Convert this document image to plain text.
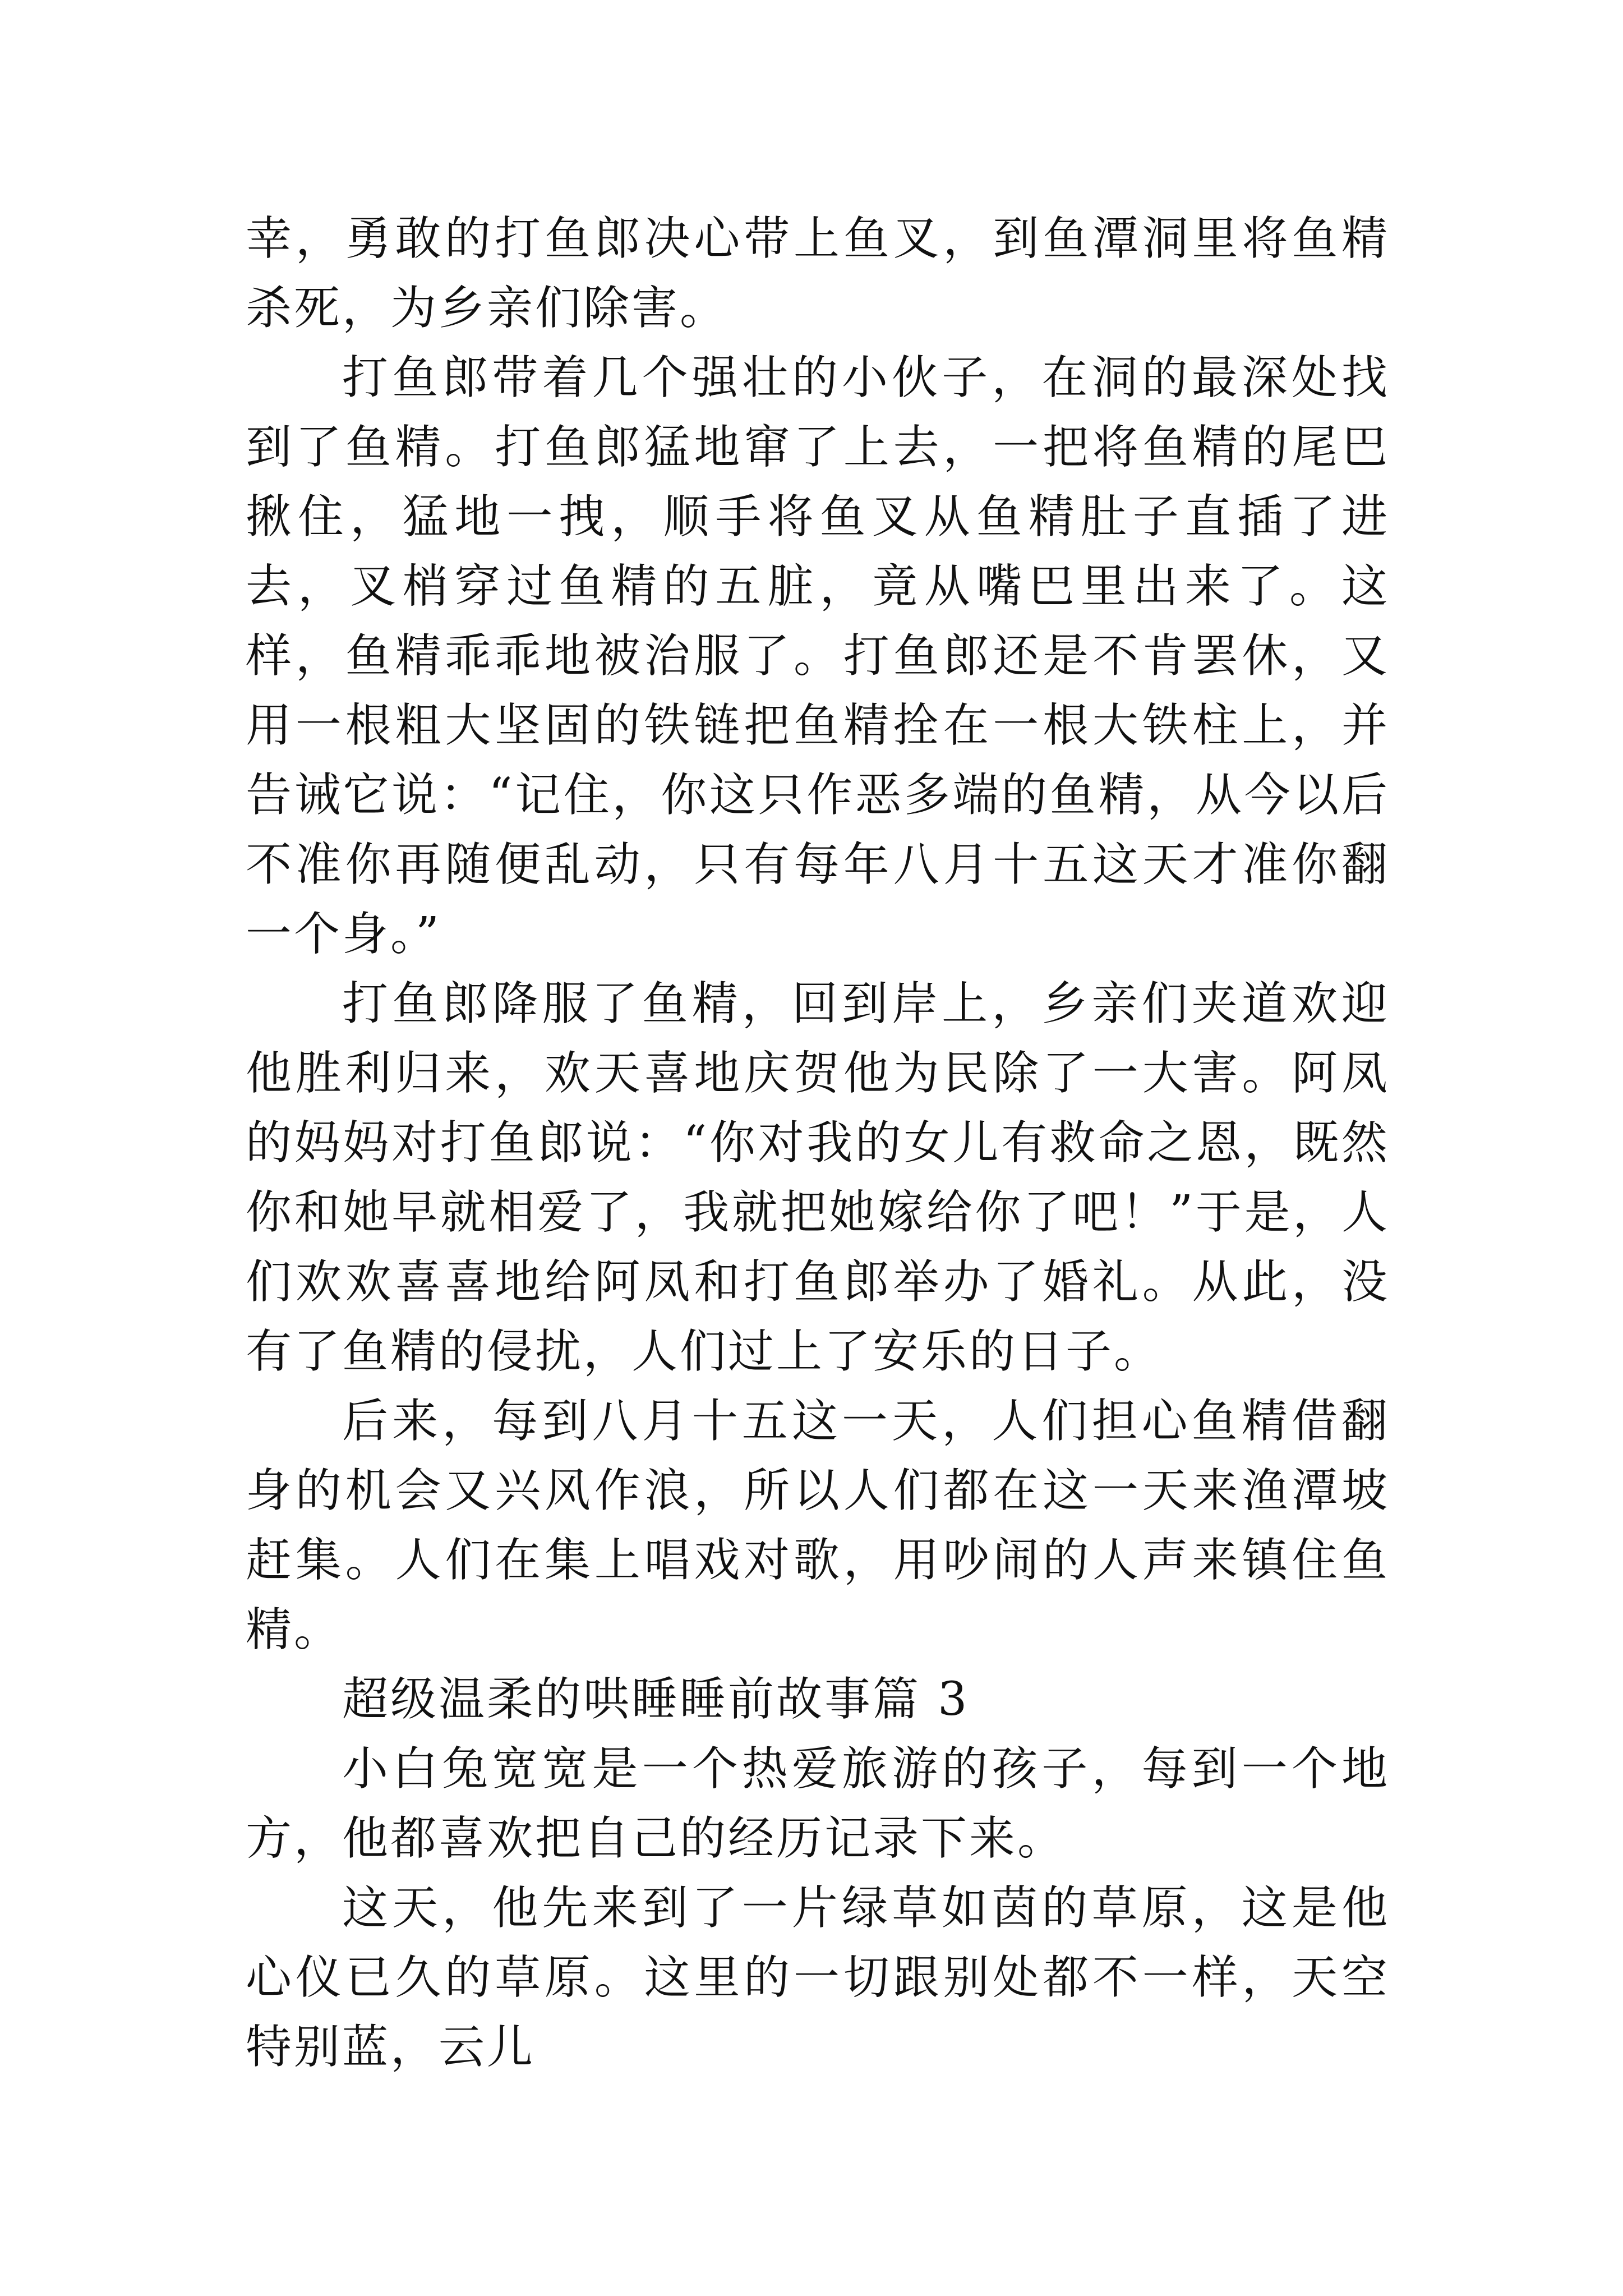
幸，勇敢的打鱼郎决心带上鱼叉，到鱼潭洞里将鱼精杀死，为乡亲们除害。

打鱼郎带着几个强壮的小伙子，在洞的最深处找到了鱼精。打鱼郎猛地窜了上去，一把将鱼精的尾巴揪住，猛地一拽，顺手将鱼叉从鱼精肚子直插了进去，叉梢穿过鱼精的五脏，竟从嘴巴里出来了。这样，鱼精乖乖地被治服了。打鱼郎还是不肯罢休，又用一根粗大坚固的铁链把鱼精拴在一根大铁柱上，并告诫它说：“记住，你这只作恶多端的鱼精，从今以后不准你再随便乱动，只有每年八月十五这天才准你翻一个身。”

打鱼郎降服了鱼精，回到岸上，乡亲们夹道欢迎他胜利归来，欢天喜地庆贺他为民除了一大害。阿凤的妈妈对打鱼郎说：“你对我的女儿有救命之恩，既然你和她早就相爱了，我就把她嫁给你了吧！”于是，人们欢欢喜喜地给阿凤和打鱼郎举办了婚礼。从此，没有了鱼精的侵扰，人们过上了安乐的日子。

后来，每到八月十五这一天，人们担心鱼精借翻身的机会又兴风作浪，所以人们都在这一天来渔潭坡赶集。人们在集上唱戏对歌，用吵闹的人声来镇住鱼精。

超级温柔的哄睡睡前故事篇 3

小白兔宽宽是一个热爱旅游的孩子，每到一个地方，他都喜欢把自己的经历记录下来。

这天，他先来到了一片绿草如茵的草原，这是他心仪已久的草原。这里的一切跟别处都不一样，天空特别蓝，云儿
